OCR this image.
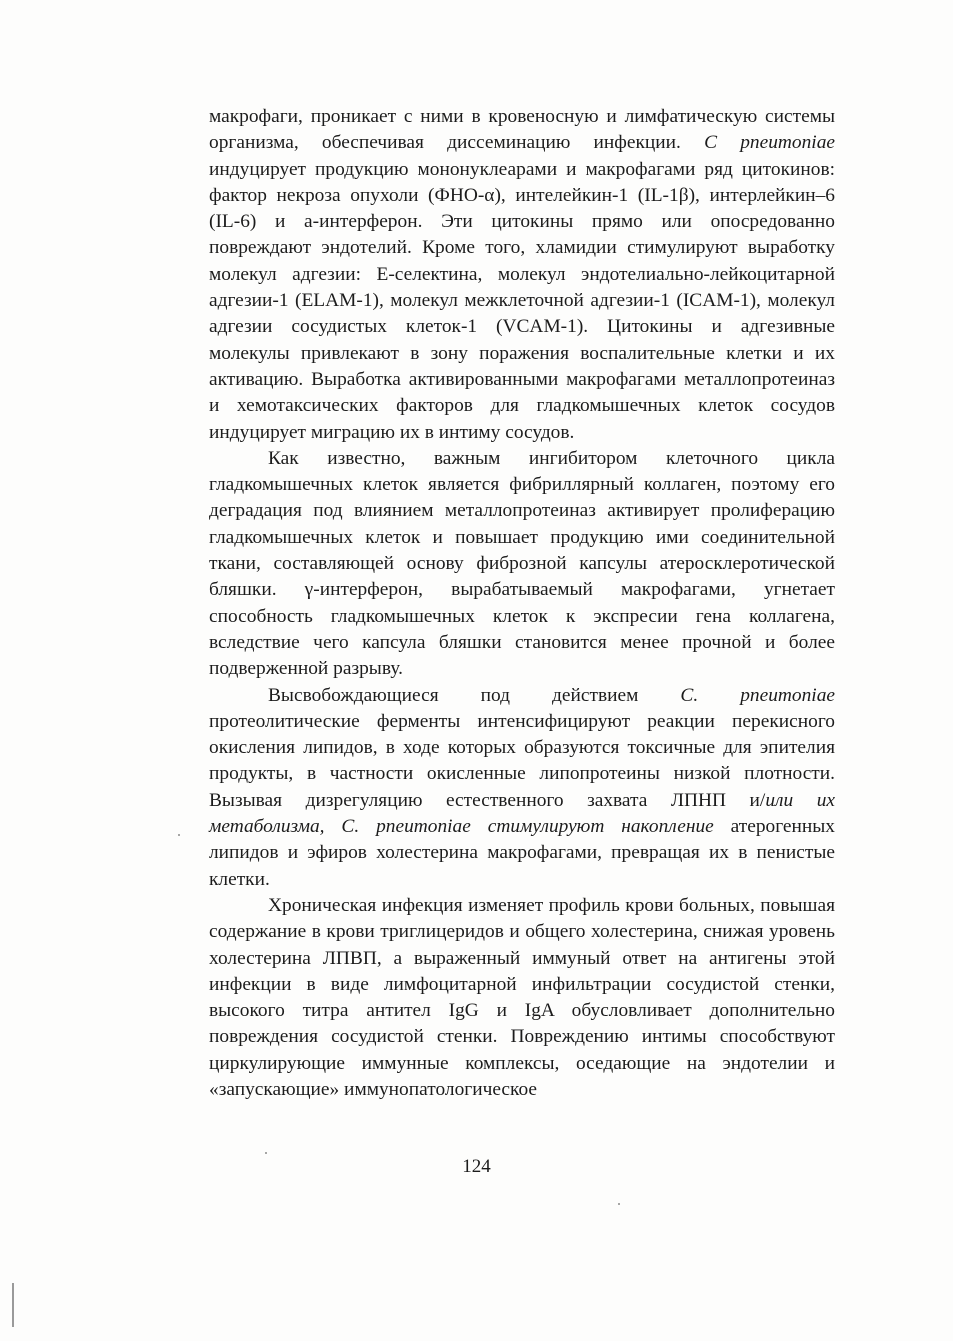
макрофаги, проникает с ними в кровеносную и лимфатическую системы организма, обеспечивая диссеминацию инфекции. C pneumoniae индуцирует продукцию мононуклеарами и макрофагами ряд цитокинов: фактор некроза опухоли (ФНО-α), интелейкин-1 (IL-1β), интерлейкин–6 (IL-6) и а-интерферон. Эти цитокины прямо или опосредованно повреждают эндотелий. Кроме того, хламидии стимулируют выработку молекул адгезии: Е-селектина, молекул эндотелиально-лейкоцитарной адгезии-1 (ELAM-1), молекул межклеточной адгезии-1 (ICAM-1), молекул адгезии сосудистых клеток-1 (VCAM-1). Цитокины и адгезивные молекулы привлекают в зону поражения воспалительные клетки и их активацию. Выработка активированными макрофагами металлопротеиназ и хемотаксических факторов для гладкомышечных клеток сосудов индуцирует миграцию их в интиму сосудов.

Как известно, важным ингибитором клеточного цикла гладкомышечных клеток является фибриллярный коллаген, поэтому его деградация под влиянием металлопротеиназ активирует пролиферацию гладкомышечных клеток и повышает продукцию ими соединительной ткани, составляющей основу фиброзной капсулы атеросклеротической бляшки. γ-интерферон, вырабатываемый макрофагами, угнетает способность гладкомышечных клеток к экспресии гена коллагена, вследствие чего капсула бляшки становится менее прочной и более подверженной разрыву.

Высвобождающиеся под действием C. pneumoniae протеолитические ферменты интенсифицируют реакции перекисного окисления липидов, в ходе которых образуются токсичные для эпителия продукты, в частности окисленные липопротеины низкой плотности. Вызывая дизрегуляцию естественного захвата ЛПНП и/или их метаболизма, C. pneumoniae стимулируют накопление атерогенных липидов и эфиров холестерина макрофагами, превращая их в пенистые клетки.

Хроническая инфекция изменяет профиль крови больных, повышая содержание в крови триглицеридов и общего холестерина, снижая уровень холестерина ЛПВП, а выраженный иммуный ответ на антигены этой инфекции в виде лимфоцитарной инфильтрации сосудистой стенки, высокого титра антител IgG и IgA обусловливает дополнительно повреждения сосудистой стенки. Повреждению интимы способствуют циркулирующие иммунные комплексы, оседающие на эндотелии и «запускающие» иммунопатологическое

124
